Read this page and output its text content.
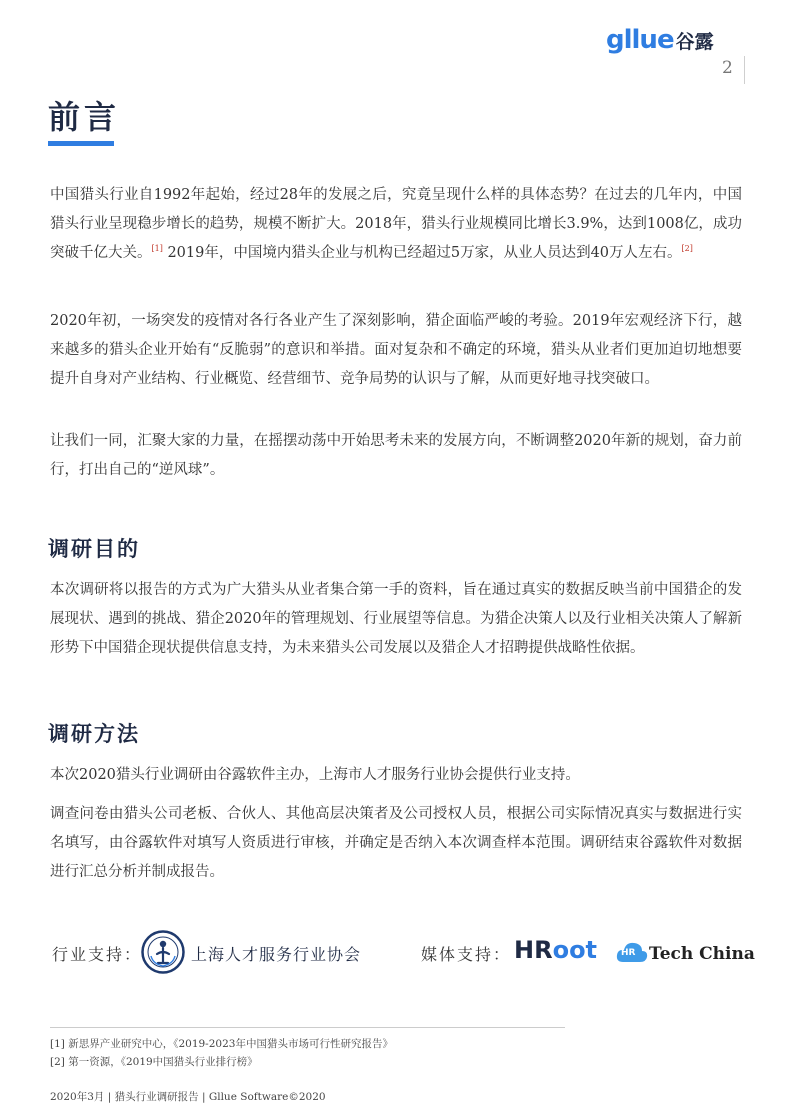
gllue 谷露
2
前言

中国猎头行业自1992年起始，经过28年的发展之后，究竟呈现什么样的具体态势？在过去的几年内，中国猎头行业呈现稳步增长的趋势，规模不断扩大。2018年，猎头行业规模同比增长3.9%，达到1008亿，成功突破千亿大关。[1] 2019年，中国境内猎头企业与机构已经超过5万家，从业人员达到40万人左右。[2]

2020年初，一场突发的疫情对各行各业产生了深刻影响，猎企面临严峻的考验。2019年宏观经济下行，越来越多的猎头企业开始有“反脆弱”的意识和举措。面对复杂和不确定的环境，猎头从业者们更加迫切地想要提升自身对产业结构、行业概览、经营细节、竞争局势的认识与了解，从而更好地寻找突破口。

让我们一同，汇聚大家的力量，在摇摆动荡中开始思考未来的发展方向，不断调整2020年新的规划，奋力前行，打出自己的“逆风球”。

调研目的

本次调研将以报告的方式为广大猎头从业者集合第一手的资料，旨在通过真实的数据反映当前中国猎企的发展现状、遇到的挑战、猎企2020年的管理规划、行业展望等信息。为猎企决策人以及行业相关决策人了解新形势下中国猎企现状提供信息支持，为未来猎头公司发展以及猎企人才招聘提供战略性依据。

调研方法

本次2020猎头行业调研由谷露软件主办，上海市人才服务行业协会提供行业支持。

调查问卷由猎头公司老板、合伙人、其他高层决策者及公司授权人员，根据公司实际情况真实与数据进行实名填写，由谷露软件对填写人资质进行审核，并确定是否纳入本次调查样本范围。调研结束谷露软件对数据进行汇总分析并制成报告。

行业支持：	上海人才服务行业协会	媒体支持： HRoot	HR Tech China
[1] 新思界产业研究中心，《2019-2023年中国猎头市场可行性研究报告》
[2] 第一资源，《2019中国猎头行业排行榜》
2020年3月 | 猎头行业调研报告 | Gllue Software©2020
